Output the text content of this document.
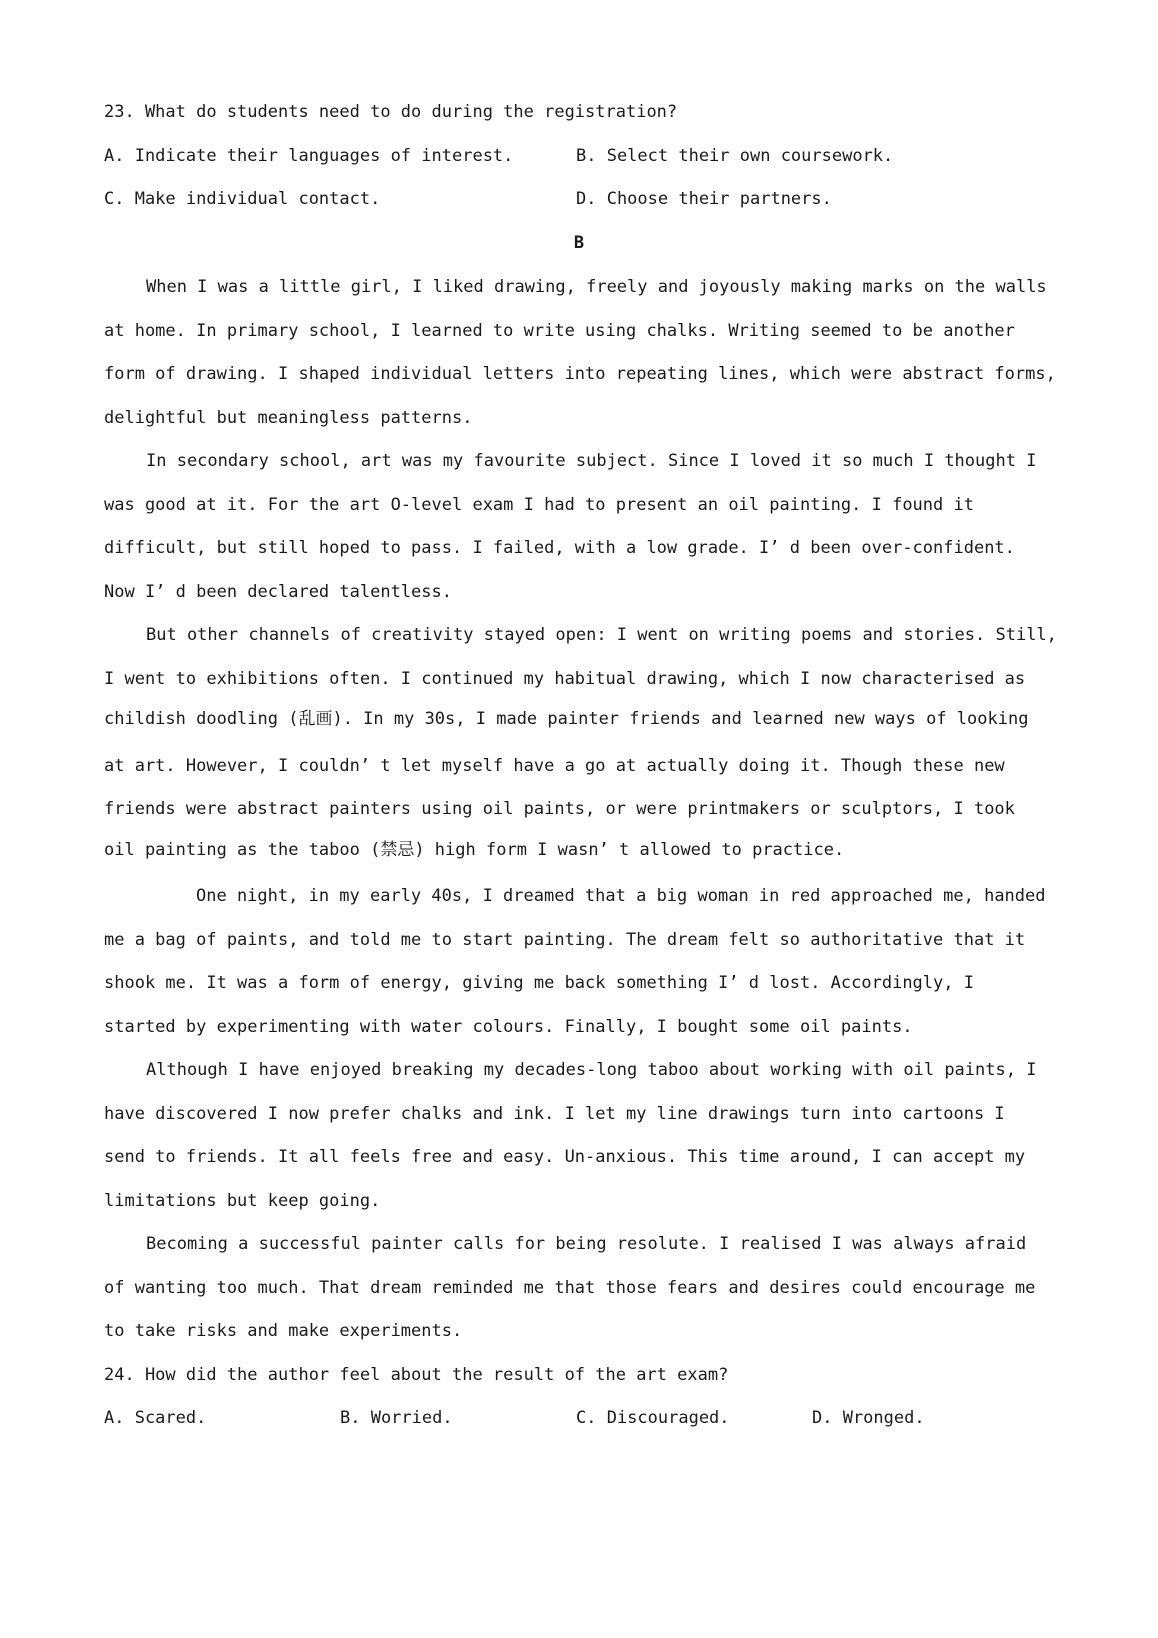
23. What do students need to do during the registration?
A. Indicate their languages of interest.	B. Select their own coursework.
C. Make individual contact.	D. Choose their partners.
B
When I was a little girl, I liked drawing, freely and joyously making marks on the walls
at home. In primary school, I learned to write using chalks. Writing seemed to be another
form of drawing. I shaped individual letters into repeating lines, which were abstract forms,
delightful but meaningless patterns.
In secondary school, art was my favourite subject. Since I loved it so much I thought I
was good at it. For the art O-level exam I had to present an oil painting. I found it
difficult, but still hoped to pass. I failed, with a low grade. I’ d been over-confident.
Now I’ d been declared talentless.
But other channels of creativity stayed open: I went on writing poems and stories. Still,
I went to exhibitions often. I continued my habitual drawing, which I now characterised as
childish doodling (乱画). In my 30s, I made painter friends and learned new ways of looking
at art. However, I couldn’ t let myself have a go at actually doing it. Though these new
friends were abstract painters using oil paints, or were printmakers or sculptors, I took
oil painting as the taboo (禁忌) high form I wasn’ t allowed to practice.
One night, in my early 40s, I dreamed that a big woman in red approached me, handed
me a bag of paints, and told me to start painting. The dream felt so authoritative that it
shook me. It was a form of energy, giving me back something I’ d lost. Accordingly, I
started by experimenting with water colours. Finally, I bought some oil paints.
Although I have enjoyed breaking my decades-long taboo about working with oil paints, I
have discovered I now prefer chalks and ink. I let my line drawings turn into cartoons I
send to friends. It all feels free and easy. Un-anxious. This time around, I can accept my
limitations but keep going.
Becoming a successful painter calls for being resolute. I realised I was always afraid
of wanting too much. That dream reminded me that those fears and desires could encourage me
to take risks and make experiments.
24. How did the author feel about the result of the art exam?
A. Scared.	B. Worried.	C. Discouraged.	D. Wronged.
